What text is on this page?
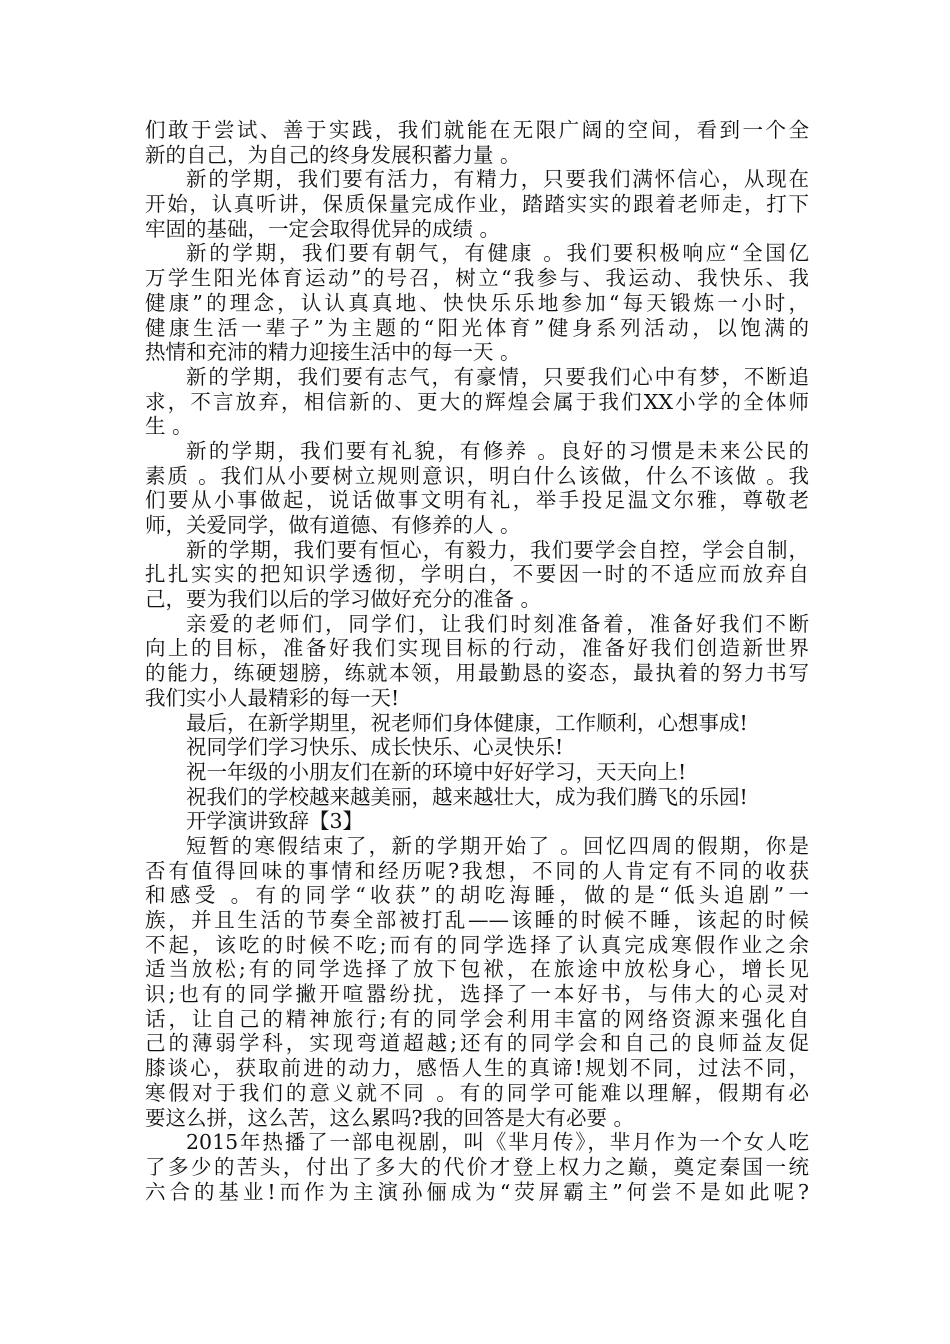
们敢于尝试、善于实践，我们就能在无限广阔的空间，看到一个全
新的自己，为自己的终身发展积蓄力量 。
新的学期，我们要有活力，有精力，只要我们满怀信心，从现在
开始，认真听讲，保质保量完成作业，踏踏实实的跟着老师走，打下
牢固的基础，一定会取得优异的成绩 。
新的学期，我们要有朝气，有健康 。我们要积极响应“全国亿
万学生阳光体育运动”的号召，树立“我参与、我运动、我快乐、我
健康”的理念，认认真真地、快快乐乐地参加“每天锻炼一小时，
健康生活一辈子”为主题的“阳光体育”健身系列活动，以饱满的
热情和充沛的精力迎接生活中的每一天 。
新的学期，我们要有志气，有豪情，只要我们心中有梦，不断追
求，不言放弃，相信新的、更大的辉煌会属于我们XX小学的全体师
生 。
新的学期，我们要有礼貌，有修养 。良好的习惯是未来公民的
素质 。我们从小要树立规则意识，明白什么该做，什么不该做 。我
们要从小事做起，说话做事文明有礼，举手投足温文尔雅，尊敬老
师，关爱同学，做有道德、有修养的人 。
新的学期，我们要有恒心，有毅力，我们要学会自控，学会自制，
扎扎实实的把知识学透彻，学明白，不要因一时的不适应而放弃自
己，要为我们以后的学习做好充分的准备 。
亲爱的老师们，同学们，让我们时刻准备着，准备好我们不断
向上的目标，准备好我们实现目标的行动，准备好我们创造新世界
的能力，练硬翅膀，练就本领，用最勤恳的姿态，最执着的努力书写
我们实小人最精彩的每一天!
最后，在新学期里，祝老师们身体健康，工作顺利，心想事成!
祝同学们学习快乐、成长快乐、心灵快乐!
祝一年级的小朋友们在新的环境中好好学习，天天向上!
祝我们的学校越来越美丽，越来越壮大，成为我们腾飞的乐园!
开学演讲致辞【3】
短暂的寒假结束了，新的学期开始了 。回忆四周的假期，你是
否有值得回味的事情和经历呢?我想，不同的人肯定有不同的收获
和感受 。有的同学“收获”的胡吃海睡，做的是“低头追剧”一
族，并且生活的节奏全部被打乱——该睡的时候不睡，该起的时候
不起，该吃的时候不吃;而有的同学选择了认真完成寒假作业之余
适当放松;有的同学选择了放下包袱，在旅途中放松身心，增长见
识;也有的同学撇开喧嚣纷扰，选择了一本好书，与伟大的心灵对
话，让自己的精神旅行;有的同学会利用丰富的网络资源来强化自
己的薄弱学科，实现弯道超越;还有的同学会和自己的良师益友促
膝谈心，获取前进的动力，感悟人生的真谛!规划不同，过法不同，
寒假对于我们的意义就不同 。有的同学可能难以理解，假期有必
要这么拼，这么苦，这么累吗?我的回答是大有必要 。
2015年热播了一部电视剧，叫《芈月传》，芈月作为一个女人吃
了多少的苦头，付出了多大的代价才登上权力之巅，奠定秦国一统
六合的基业!而作为主演孙俪成为“荧屏霸主”何尝不是如此呢?
